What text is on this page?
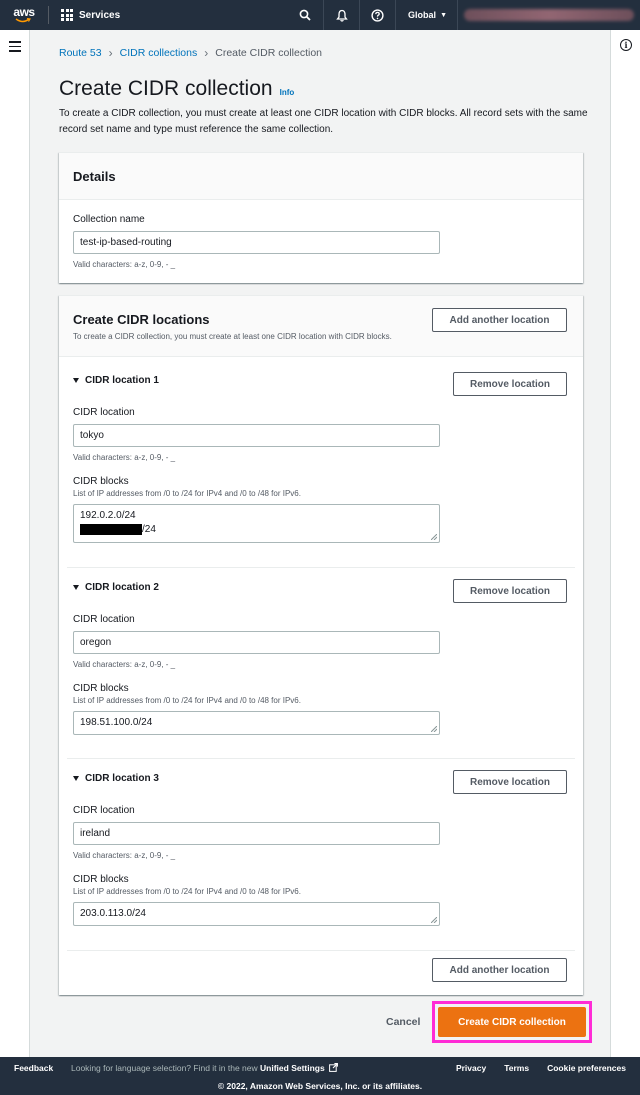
aws	Services	Global ▼
i
Route 53 › CIDR collections › Create CIDR collection
Create CIDR collection Info
To create a CIDR collection, you must create at least one CIDR location with CIDR blocks. All record sets with the same record set name and type must reference the same collection.
Details
Collection name
test-ip-based-routing
Valid characters: a-z, 0-9, - _
Create CIDR locations
To create a CIDR collection, you must create at least one CIDR location with CIDR blocks.
Add another location
CIDR location 1	Remove location
CIDR location
tokyo
Valid characters: a-z, 0-9, - _
CIDR blocks
List of IP addresses from /0 to /24 for IPv4 and /0 to /48 for IPv6.
192.0.2.0/24
/24
CIDR location 2	Remove location
CIDR location
oregon
Valid characters: a-z, 0-9, - _
CIDR blocks
List of IP addresses from /0 to /24 for IPv4 and /0 to /48 for IPv6.
198.51.100.0/24
CIDR location 3	Remove location
CIDR location
ireland
Valid characters: a-z, 0-9, - _
CIDR blocks
List of IP addresses from /0 to /24 for IPv4 and /0 to /48 for IPv6.
203.0.113.0/24
Add another location
Cancel	Create CIDR collection
Feedback Looking for language selection? Find it in the new Unified Settings	Privacy Terms Cookie preferences
© 2022, Amazon Web Services, Inc. or its affiliates.
